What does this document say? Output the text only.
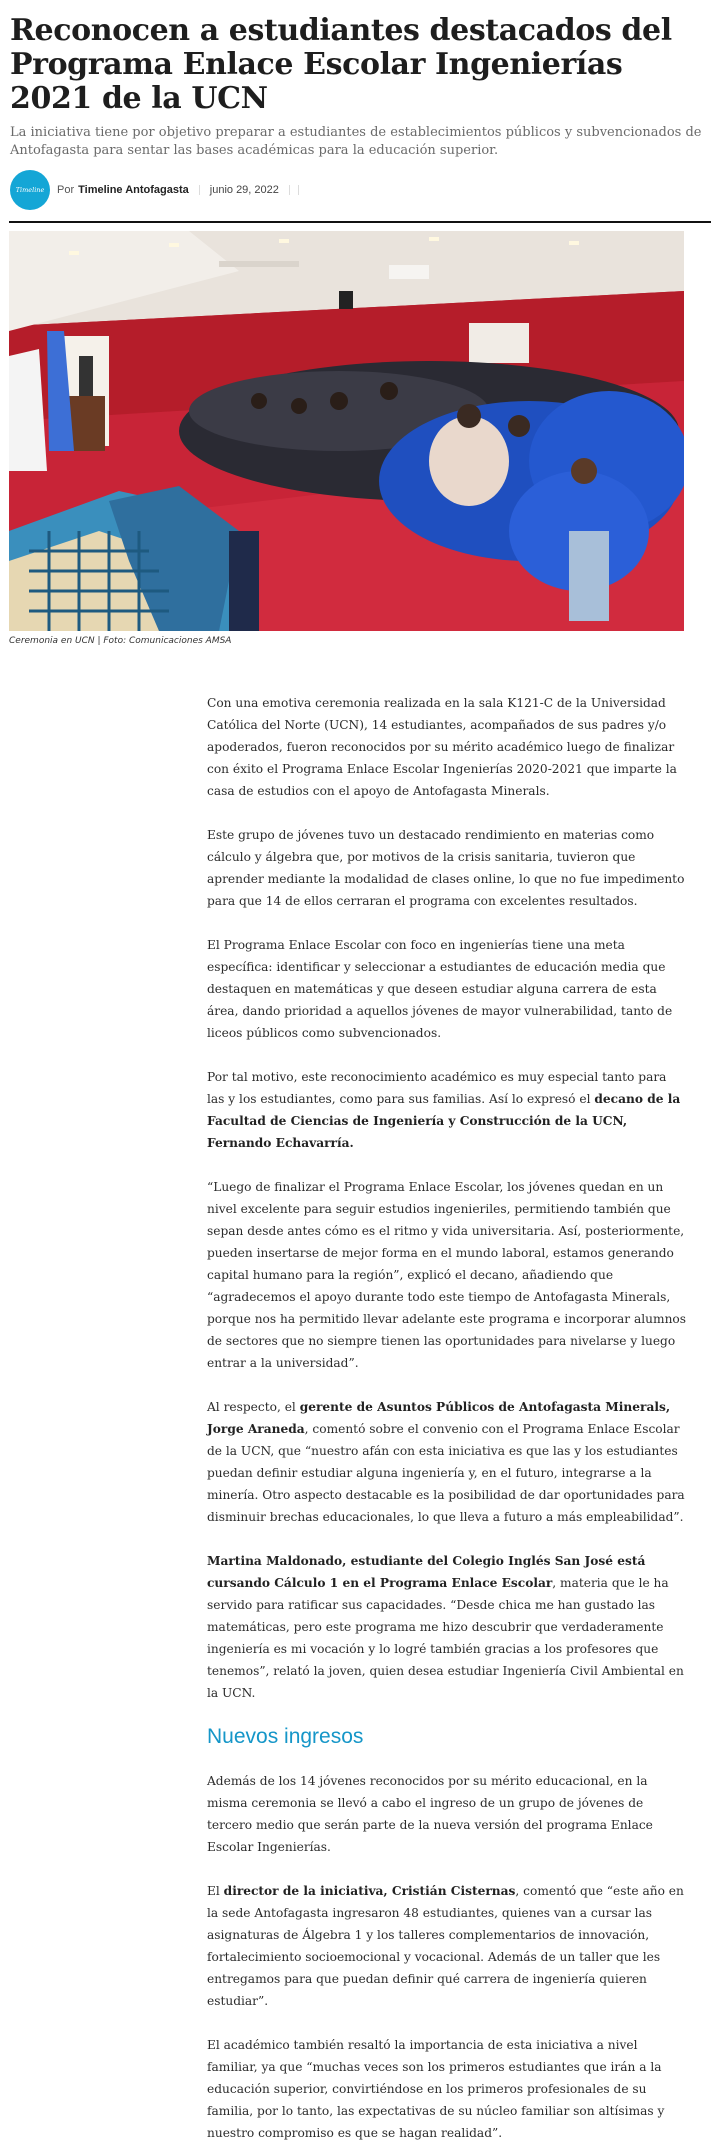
Reconocen a estudiantes destacados del Programa Enlace Escolar Ingenierías 2021 de la UCN

La iniciativa tiene por objetivo preparar a estudiantes de establecimientos públicos y subvencionados de Antofagasta para sentar las bases académicas para la educación superior.

Timeline	Por Timeline Antofagasta junio 29, 2022
Ceremonia en UCN | Foto: Comunicaciones AMSA

Con una emotiva ceremonia realizada en la sala K121-C de la Universidad Católica del Norte (UCN), 14 estudiantes, acompañados de sus padres y/o apoderados, fueron reconocidos por su mérito académico luego de finalizar con éxito el Programa Enlace Escolar Ingenierías 2020-2021 que imparte la casa de estudios con el apoyo de Antofagasta Minerals.

Este grupo de jóvenes tuvo un destacado rendimiento en materias como cálculo y álgebra que, por motivos de la crisis sanitaria, tuvieron que aprender mediante la modalidad de clases online, lo que no fue impedimento para que 14 de ellos cerraran el programa con excelentes resultados.

El Programa Enlace Escolar con foco en ingenierías tiene una meta específica: identificar y seleccionar a estudiantes de educación media que destaquen en matemáticas y que deseen estudiar alguna carrera de esta área, dando prioridad a aquellos jóvenes de mayor vulnerabilidad, tanto de liceos públicos como subvencionados.

Por tal motivo, este reconocimiento académico es muy especial tanto para las y los estudiantes, como para sus familias. Así lo expresó el decano de la Facultad de Ciencias de Ingeniería y Construcción de la UCN, Fernando Echavarría.

“Luego de finalizar el Programa Enlace Escolar, los jóvenes quedan en un nivel excelente para seguir estudios ingenieriles, permitiendo también que sepan desde antes cómo es el ritmo y vida universitaria. Así, posteriormente, pueden insertarse de mejor forma en el mundo laboral, estamos generando capital humano para la región”, explicó el decano, añadiendo que “agradecemos el apoyo durante todo este tiempo de Antofagasta Minerals, porque nos ha permitido llevar adelante este programa e incorporar alumnos de sectores que no siempre tienen las oportunidades para nivelarse y luego entrar a la universidad”.

Al respecto, el gerente de Asuntos Públicos de Antofagasta Minerals, Jorge Araneda, comentó sobre el convenio con el Programa Enlace Escolar de la UCN, que “nuestro afán con esta iniciativa es que las y los estudiantes puedan definir estudiar alguna ingeniería y, en el futuro, integrarse a la minería. Otro aspecto destacable es la posibilidad de dar oportunidades para disminuir brechas educacionales, lo que lleva a futuro a más empleabilidad”.

Martina Maldonado, estudiante del Colegio Inglés San José está cursando Cálculo 1 en el Programa Enlace Escolar, materia que le ha servido para ratificar sus capacidades. “Desde chica me han gustado las matemáticas, pero este programa me hizo descubrir que verdaderamente ingeniería es mi vocación y lo logré también gracias a los profesores que tenemos”, relató la joven, quien desea estudiar Ingeniería Civil Ambiental en la UCN.

Nuevos ingresos

Además de los 14 jóvenes reconocidos por su mérito educacional, en la misma ceremonia se llevó a cabo el ingreso de un grupo de jóvenes de tercero medio que serán parte de la nueva versión del programa Enlace Escolar Ingenierías.

El director de la iniciativa, Cristián Cisternas, comentó que “este año en la sede Antofagasta ingresaron 48 estudiantes, quienes van a cursar las asignaturas de Álgebra 1 y los talleres complementarios de innovación, fortalecimiento socioemocional y vocacional. Además de un taller que les entregamos para que puedan definir qué carrera de ingeniería quieren estudiar”.

El académico también resaltó la importancia de esta iniciativa a nivel familiar, ya que “muchas veces son los primeros estudiantes que irán a la educación superior, convirtiéndose en los primeros profesionales de su familia, por lo tanto, las expectativas de su núcleo familiar son altísimas y nuestro compromiso es que se hagan realidad”.
